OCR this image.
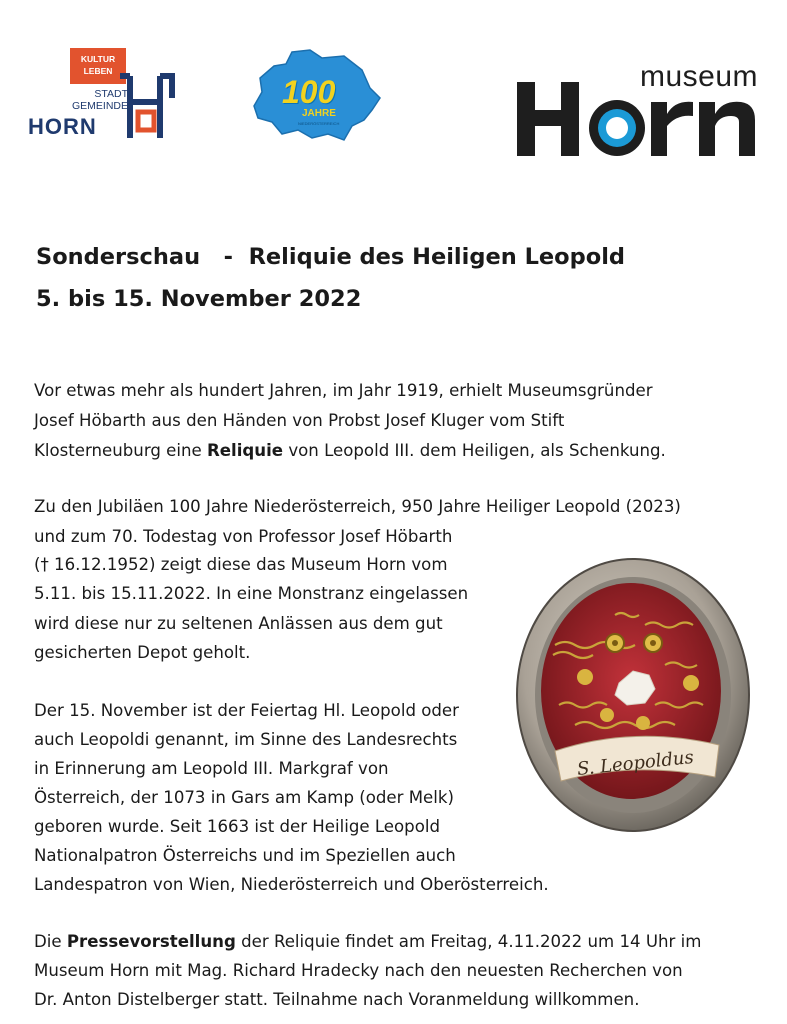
KULTUR
LEBEN
STADT
GEMEINDE
HORN
100
JAHRE
NIEDERÖSTERREICH
museum
Sonderschau   -  Reliquie des Heiligen Leopold
5. bis 15. November 2022
Vor etwas mehr als hundert Jahren, im Jahr 1919, erhielt Museumsgründer
Josef Höbarth aus den Händen von Probst Josef Kluger vom Stift
Klosterneuburg eine Reliquie von Leopold III. dem Heiligen, als Schenkung.
Zu den Jubiläen 100 Jahre Niederösterreich, 950 Jahre Heiliger Leopold (2023)
und zum 70. Todestag von Professor Josef Höbarth
(† 16.12.1952) zeigt diese das Museum Horn vom
5.11. bis 15.11.2022. In eine Monstranz eingelassen
wird diese nur zu seltenen Anlässen aus dem gut
gesicherten Depot geholt.
Der 15. November ist der Feiertag Hl. Leopold oder
auch Leopoldi genannt, im Sinne des Landesrechts
in Erinnerung am Leopold III. Markgraf von
Österreich, der 1073 in Gars am Kamp (oder Melk)
geboren wurde. Seit 1663 ist der Heilige Leopold
Nationalpatron Österreichs und im Speziellen auch
Landespatron von Wien, Niederösterreich und Oberösterreich.
Die Pressevorstellung der Reliquie findet am Freitag, 4.11.2022 um 14 Uhr im
Museum Horn mit Mag. Richard Hradecky nach den neuesten Recherchen von
Dr. Anton Distelberger statt. Teilnahme nach Voranmeldung willkommen.
S. Leopoldus
